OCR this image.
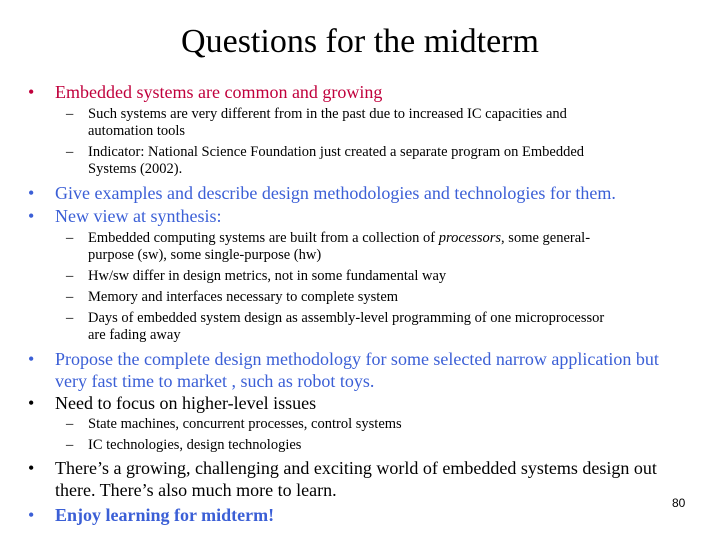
Questions for the midterm
• Embedded systems are common and growing
– Such systems are very different from in the past due to increased IC capacities and
automation tools
– Indicator: National Science Foundation just created a separate program on Embedded
Systems (2002).
• Give examples and describe design methodologies and technologies for them.
• New view at synthesis:
– Embedded computing systems are built from a collection of processors, some general-
purpose (sw), some single-purpose (hw)
– Hw/sw differ in design metrics, not in some fundamental way
– Memory and interfaces necessary to complete system
– Days of embedded system design as assembly-level programming of one microprocessor
are fading away
• Propose the complete design methodology for some selected narrow application but
very fast time to market , such as robot toys.
• Need to focus on higher-level issues
– State machines, concurrent processes, control systems
– IC technologies, design technologies
• There’s a growing, challenging and exciting world of embedded systems design out
there. There’s also much more to learn.
• Enjoy learning for midterm!
80
